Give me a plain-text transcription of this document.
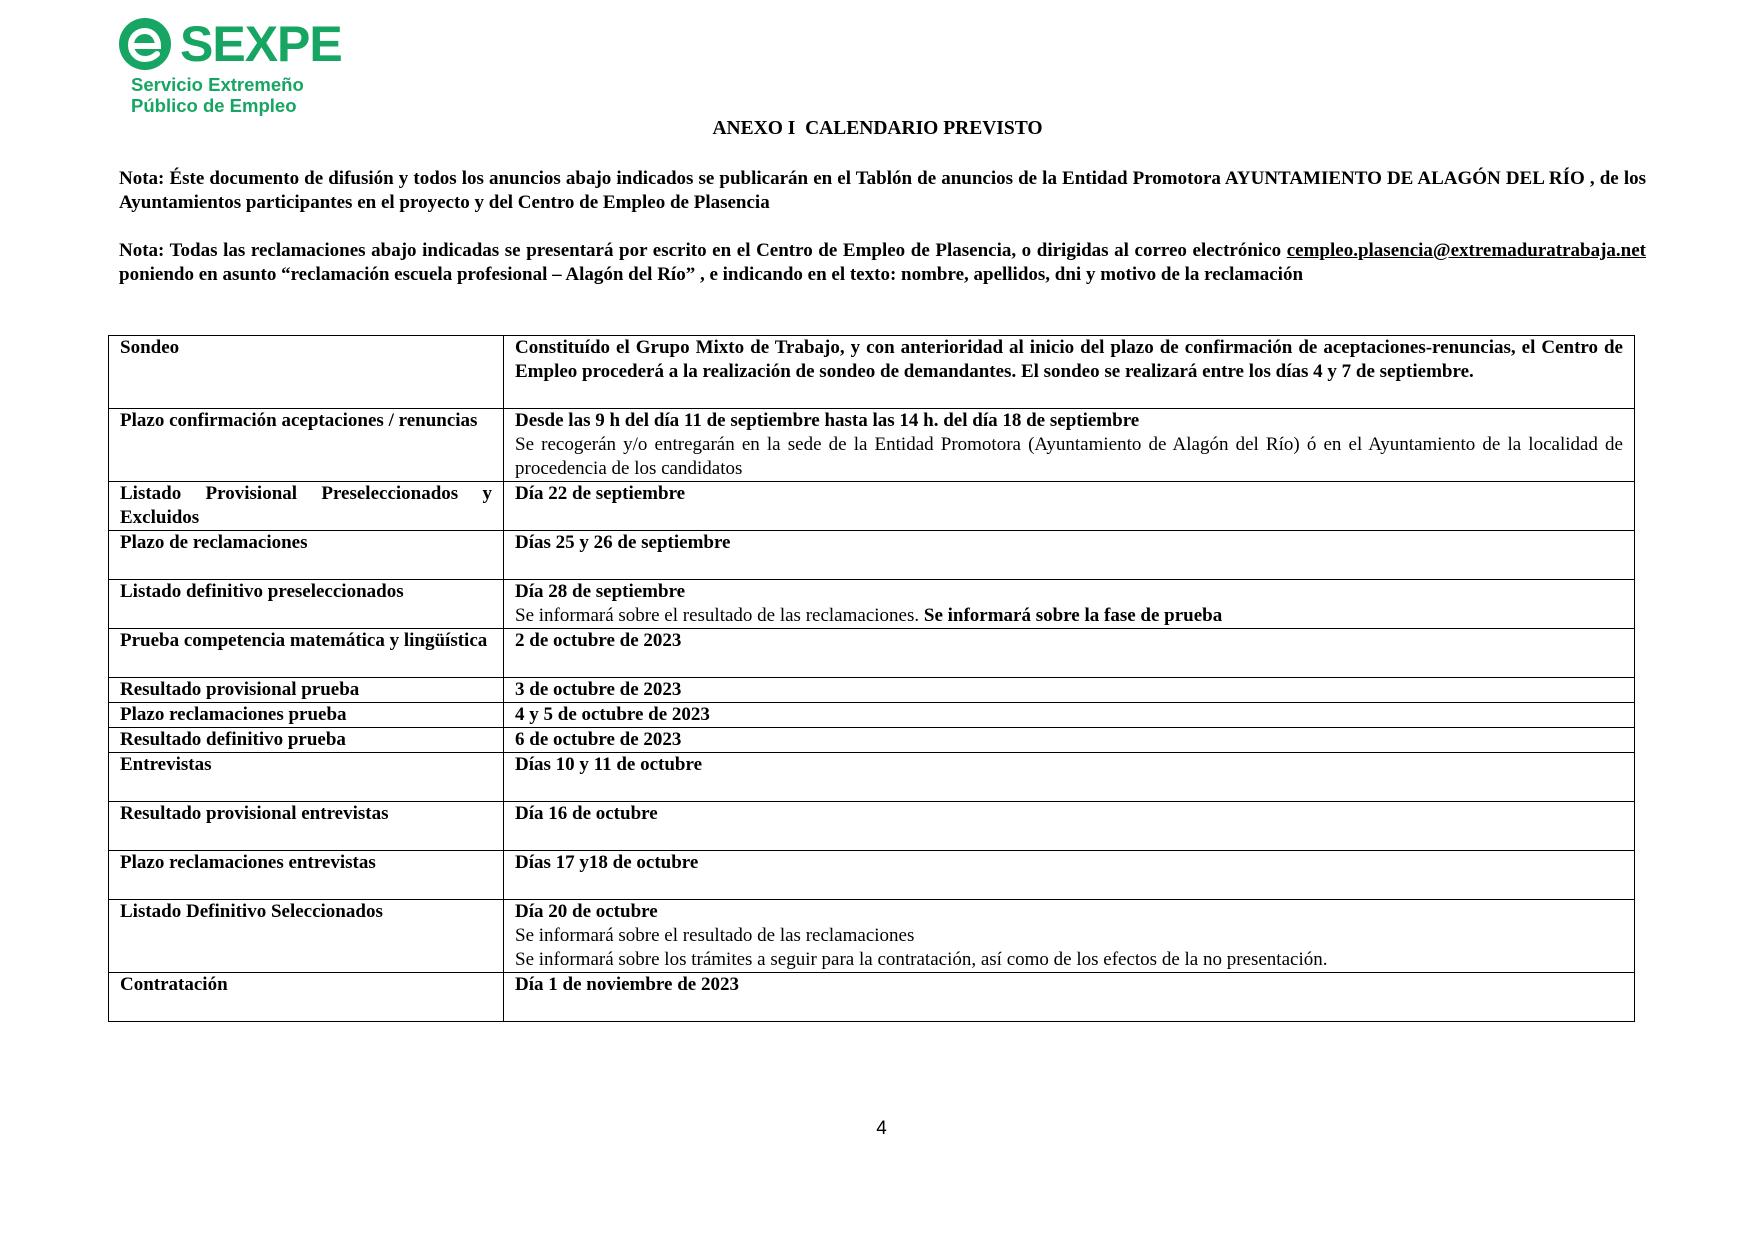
SEXPE
Servicio Extremeño
Público de Empleo
ANEXO I  CALENDARIO PREVISTO
Nota: Éste documento de difusión y todos los anuncios abajo indicados se publicarán en el Tablón de anuncios de la Entidad Promotora AYUNTAMIENTO DE ALAGÓN DEL RÍO , de los Ayuntamientos participantes en el proyecto y del Centro de Empleo de Plasencia
Nota: Todas las reclamaciones abajo indicadas se presentará por escrito en el Centro de Empleo de Plasencia, o dirigidas al correo electrónico cempleo.plasencia@extremaduratrabaja.net poniendo en asunto “reclamación escuela profesional – Alagón del Río” , e indicando en el texto: nombre, apellidos, dni y motivo de la reclamación
Sondeo	Constituído el Grupo Mixto de Trabajo, y con anterioridad al inicio del plazo de confirmación de aceptaciones-renuncias, el Centro de Empleo procederá a la realización de sondeo de demandantes. El sondeo se realizará entre los días 4 y 7 de septiembre.
Plazo confirmación aceptaciones / renuncias	Desde las 9 h del día 11 de septiembre hasta las 14 h. del día 18 de septiembre
Se recogerán y/o entregarán en la sede de la Entidad Promotora (Ayuntamiento de Alagón del Río) ó en el Ayuntamiento de la localidad de procedencia de los candidatos

Listado Provisional Preseleccionados y Excluidos	Día 22 de septiembre
Plazo de reclamaciones	Días 25 y 26 de septiembre
Listado definitivo preseleccionados	Día 28 de septiembre
Se informará sobre el resultado de las reclamaciones. Se informará sobre la fase de prueba

Prueba competencia matemática y lingüística	2 de octubre de 2023
Resultado provisional prueba	3 de octubre de 2023
Plazo reclamaciones prueba	4 y 5 de octubre de 2023
Resultado definitivo prueba	6 de octubre de 2023
Entrevistas	Días 10 y 11 de octubre
Resultado provisional entrevistas	Día 16 de octubre
Plazo reclamaciones entrevistas	Días 17 y18 de octubre
Listado Definitivo Seleccionados	Día 20 de octubre
Se informará sobre el resultado de las reclamaciones
Se informará sobre los trámites a seguir para la contratación, así como de los efectos de la no presentación.

Contratación	Día 1 de noviembre de 2023
4
